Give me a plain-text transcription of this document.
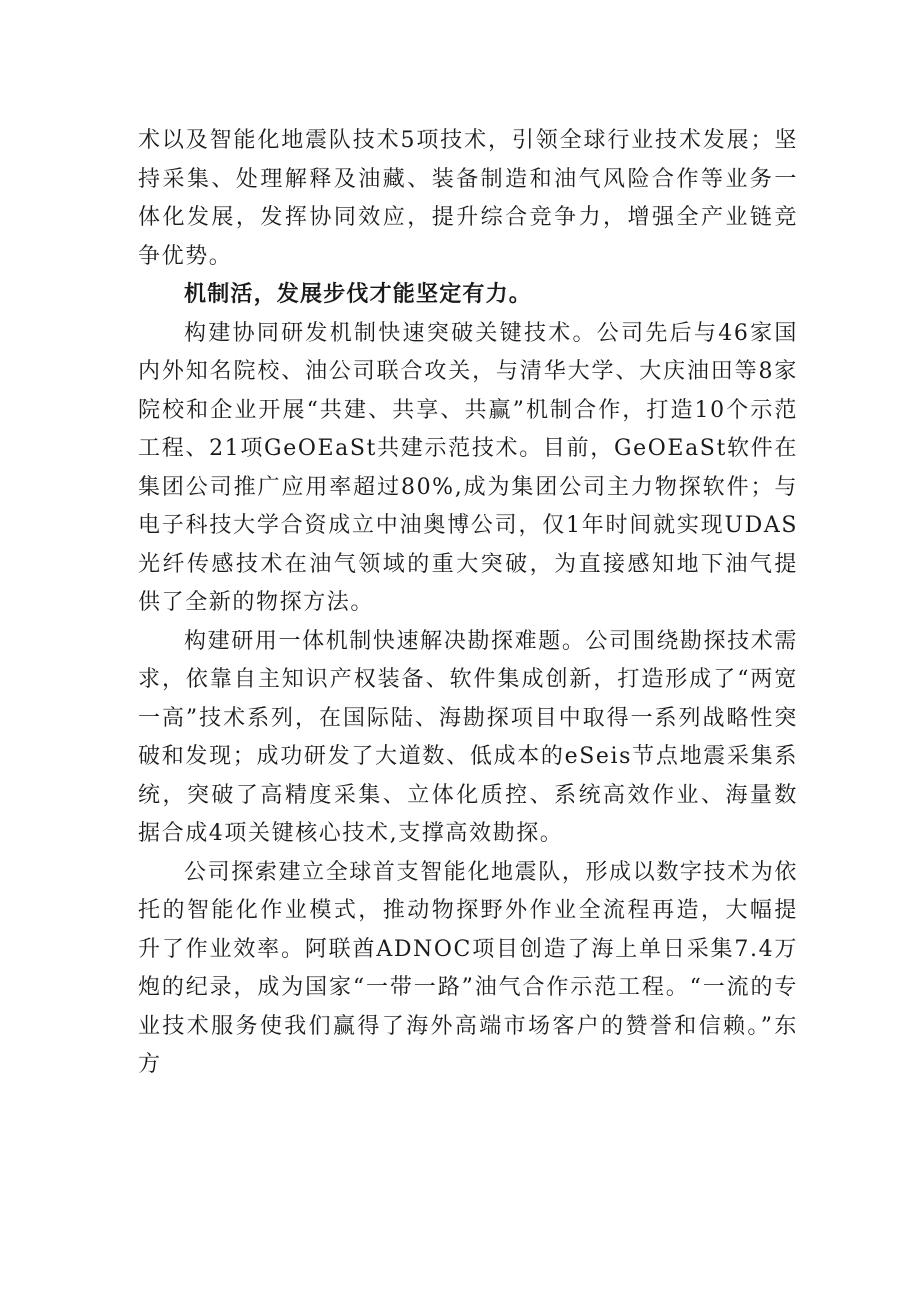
术以及智能化地震队技术5项技术，引领全球行业技术发展；坚持采集、处理解释及油藏、装备制造和油气风险合作等业务一体化发展，发挥协同效应，提升综合竞争力，增强全产业链竞争优势。

机制活，发展步伐才能坚定有力。

构建协同研发机制快速突破关键技术。公司先后与46家国内外知名院校、油公司联合攻关，与清华大学、大庆油田等8家院校和企业开展“共建、共享、共赢”机制合作，打造10个示范工程、21项GeOEaSt共建示范技术。目前，GeOEaSt软件在集团公司推广应用率超过80%,成为集团公司主力物探软件；与电子科技大学合资成立中油奥博公司，仅1年时间就实现UDAS光纤传感技术在油气领域的重大突破，为直接感知地下油气提供了全新的物探方法。

构建研用一体机制快速解决勘探难题。公司围绕勘探技术需求，依靠自主知识产权装备、软件集成创新，打造形成了“两宽一高”技术系列，在国际陆、海勘探项目中取得一系列战略性突破和发现；成功研发了大道数、低成本的eSeis节点地震采集系统，突破了高精度采集、立体化质控、系统高效作业、海量数据合成4项关键核心技术,支撑高效勘探。

公司探索建立全球首支智能化地震队，形成以数字技术为依托的智能化作业模式，推动物探野外作业全流程再造，大幅提升了作业效率。阿联酋ADNOC项目创造了海上单日采集7.4万炮的纪录，成为国家“一带一路”油气合作示范工程。“一流的专业技术服务使我们赢得了海外高端市场客户的赞誉和信赖。”东方
